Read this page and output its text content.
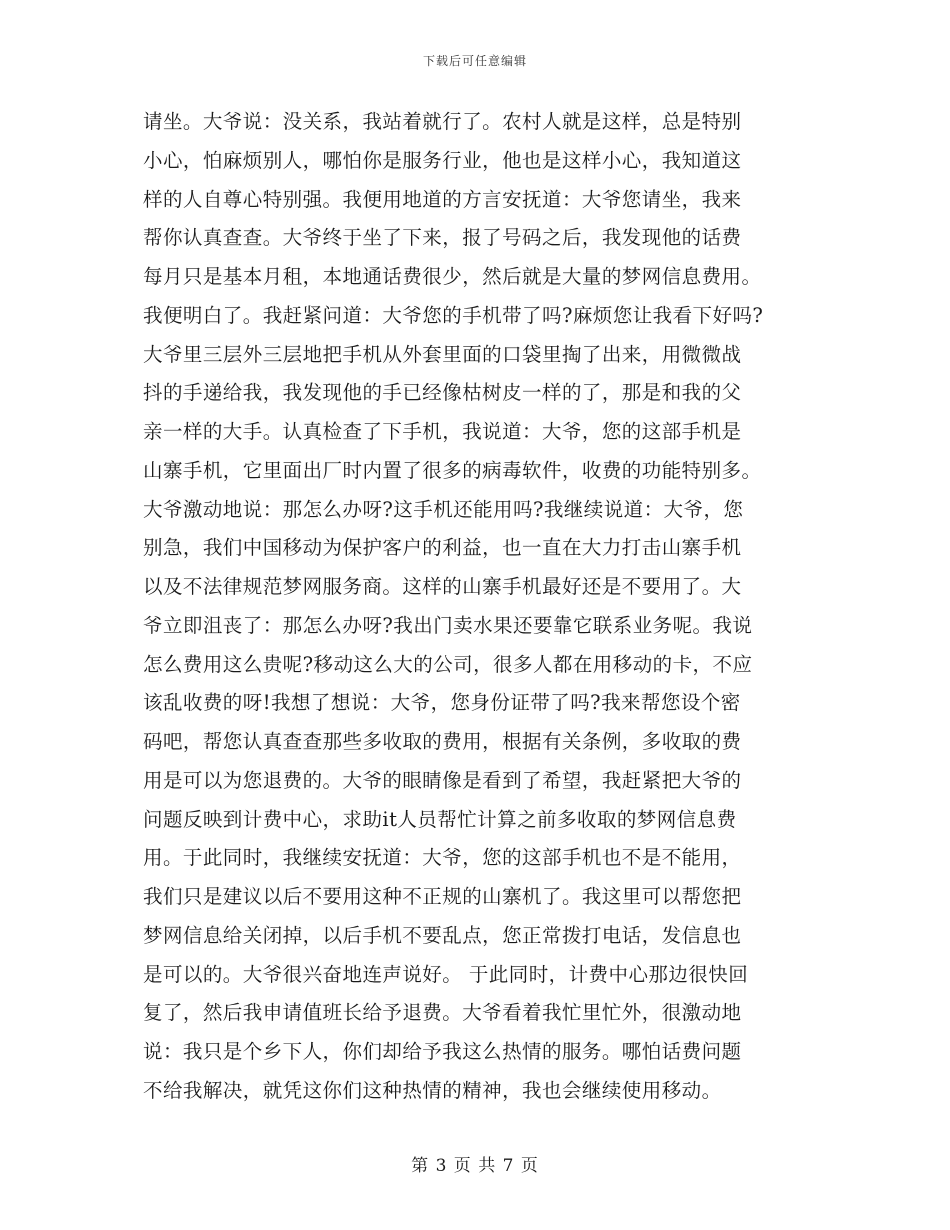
下载后可任意编辑
请坐。大爷说：没关系，我站着就行了。农村人就是这样，总是特别
小心，怕麻烦别人，哪怕你是服务行业，他也是这样小心，我知道这
样的人自尊心特别强。我便用地道的方言安抚道：大爷您请坐，我来
帮你认真查查。大爷终于坐了下来，报了号码之后，我发现他的话费
每月只是基本月租，本地通话费很少，然后就是大量的梦网信息费用。
我便明白了。我赶紧问道：大爷您的手机带了吗?麻烦您让我看下好吗?
大爷里三层外三层地把手机从外套里面的口袋里掏了出来，用微微战
抖的手递给我，我发现他的手已经像枯树皮一样的了，那是和我的父
亲一样的大手。认真检查了下手机，我说道：大爷，您的这部手机是
山寨手机，它里面出厂时内置了很多的病毒软件，收费的功能特别多。
大爷激动地说：那怎么办呀?这手机还能用吗?我继续说道：大爷，您
别急，我们中国移动为保护客户的利益，也一直在大力打击山寨手机
以及不法律规范梦网服务商。这样的山寨手机最好还是不要用了。大
爷立即沮丧了：那怎么办呀?我出门卖水果还要靠它联系业务呢。我说
怎么费用这么贵呢?移动这么大的公司，很多人都在用移动的卡，不应
该乱收费的呀!我想了想说：大爷，您身份证带了吗?我来帮您设个密
码吧，帮您认真查查那些多收取的费用，根据有关条例，多收取的费
用是可以为您退费的。大爷的眼睛像是看到了希望，我赶紧把大爷的
问题反映到计费中心，求助it人员帮忙计算之前多收取的梦网信息费
用。于此同时，我继续安抚道：大爷，您的这部手机也不是不能用，
我们只是建议以后不要用这种不正规的山寨机了。我这里可以帮您把
梦网信息给关闭掉，以后手机不要乱点，您正常拨打电话，发信息也
是可以的。大爷很兴奋地连声说好。 于此同时，计费中心那边很快回
复了，然后我申请值班长给予退费。大爷看着我忙里忙外，很激动地
说：我只是个乡下人，你们却给予我这么热情的服务。哪怕话费问题
不给我解决，就凭这你们这种热情的精神，我也会继续使用移动。
第 3 页 共 7 页
